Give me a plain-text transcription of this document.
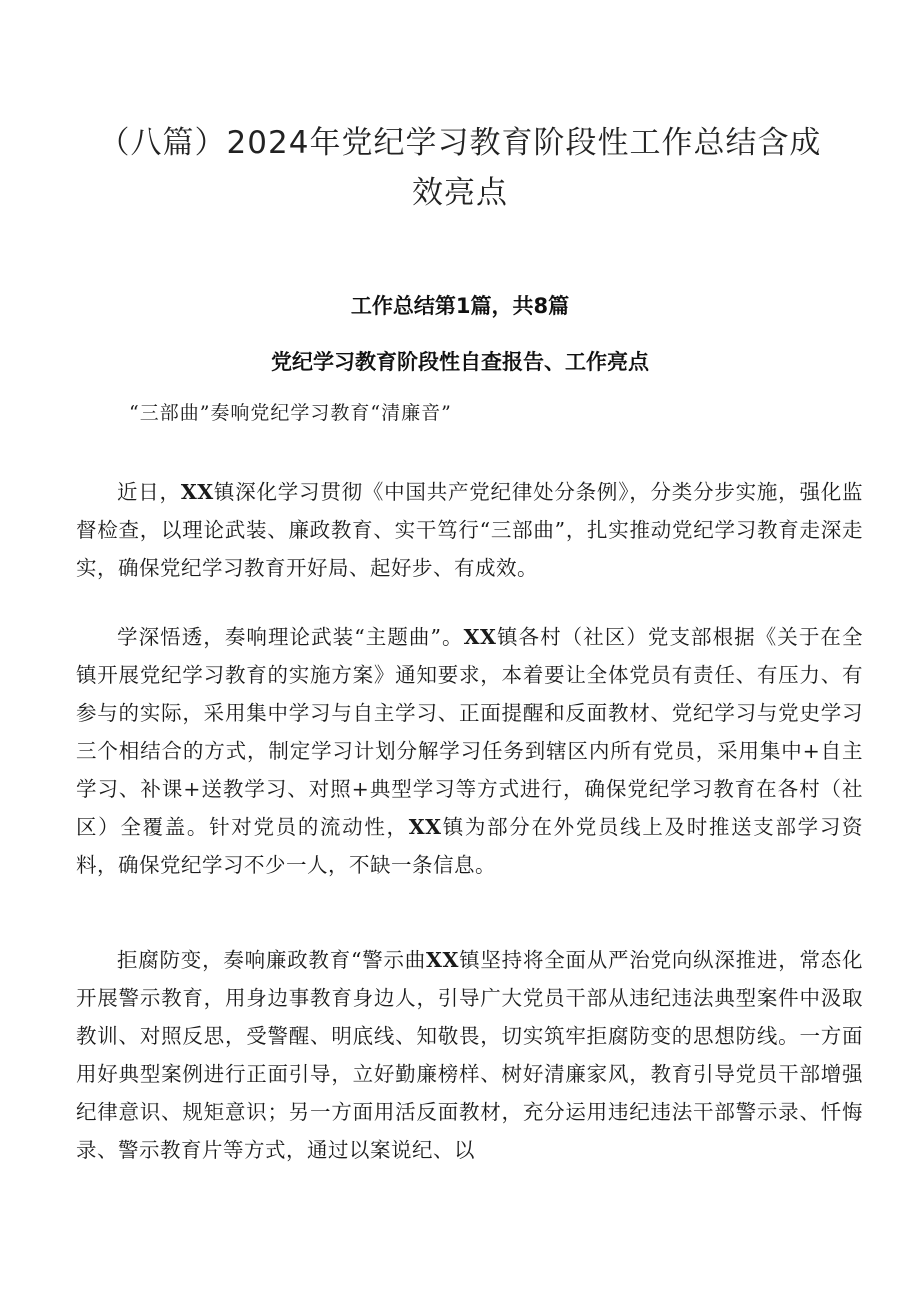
（八篇）2024年党纪学习教育阶段性工作总结含成
效亮点
工作总结第1篇，共8篇
党纪学习教育阶段性自查报告、工作亮点
“三部曲”奏响党纪学习教育“清廉音”

近日，XX镇深化学习贯彻《中国共产党纪律处分条例》，分类分步实施，强化监督检查，以理论武装、廉政教育、实干笃行“三部曲”，扎实推动党纪学习教育走深走实，确保党纪学习教育开好局、起好步、有成效。

学深悟透，奏响理论武装“主题曲”。XX镇各村（社区）党支部根据《关于在全镇开展党纪学习教育的实施方案》通知要求，本着要让全体党员有责任、有压力、有参与的实际，采用集中学习与自主学习、正面提醒和反面教材、党纪学习与党史学习三个相结合的方式，制定学习计划分解学习任务到辖区内所有党员，采用集中+自主学习、补课+送教学习、对照+典型学习等方式进行，确保党纪学习教育在各村（社区）全覆盖。针对党员的流动性，XX镇为部分在外党员线上及时推送支部学习资料，确保党纪学习不少一人，不缺一条信息。

拒腐防变，奏响廉政教育“警示曲XX镇坚持将全面从严治党向纵深推进，常态化开展警示教育，用身边事教育身边人，引导广大党员干部从违纪违法典型案件中汲取教训、对照反思，受警醒、明底线、知敬畏，切实筑牢拒腐防变的思想防线。一方面用好典型案例进行正面引导，立好勤廉榜样、树好清廉家风，教育引导党员干部增强纪律意识、规矩意识；另一方面用活反面教材，充分运用违纪违法干部警示录、忏悔录、警示教育片等方式，通过以案说纪、以
